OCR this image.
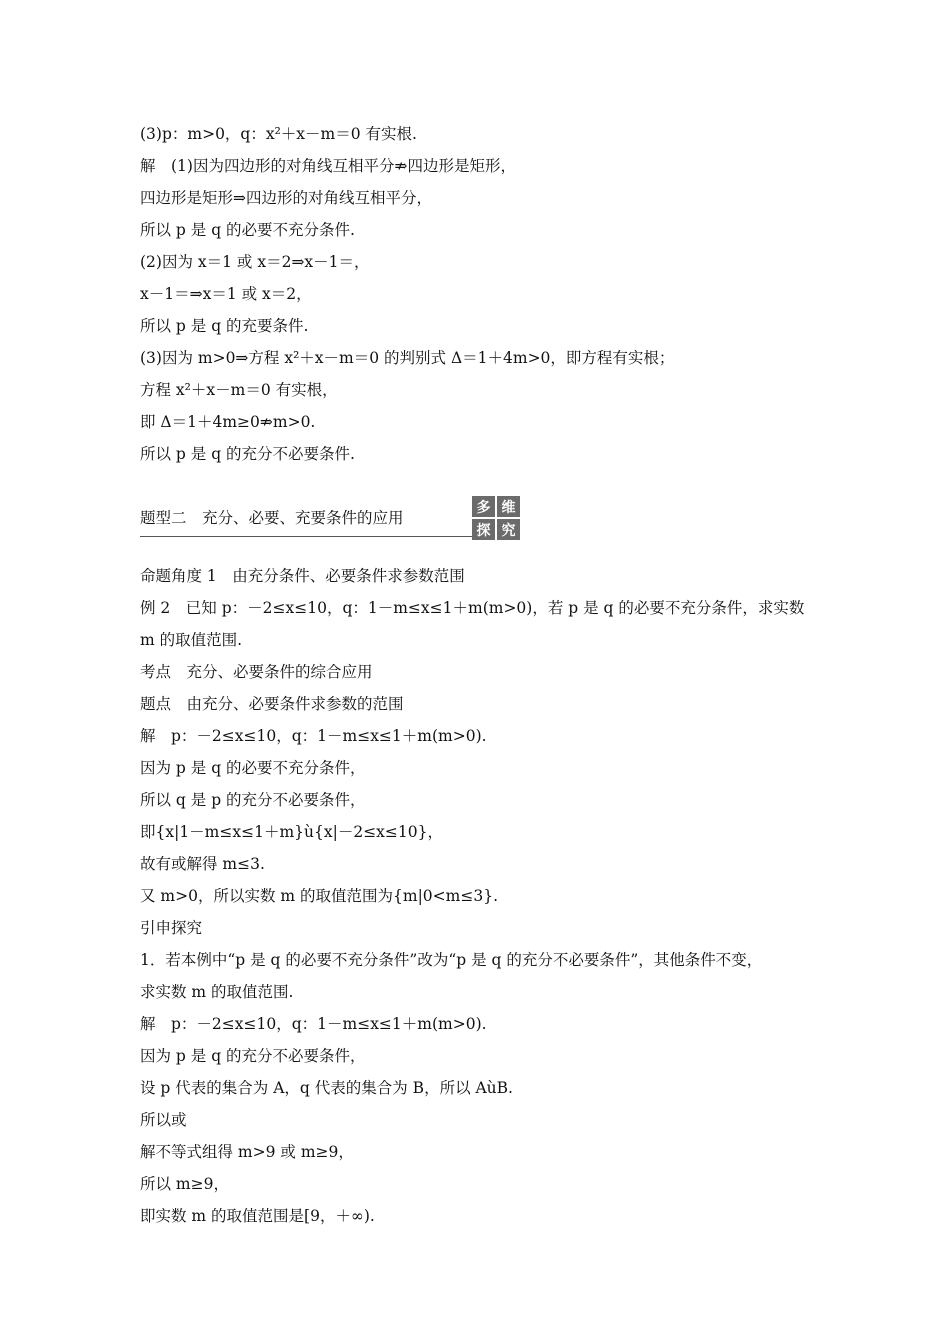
(3)p：m>0，q：x²＋x－m＝0 有实根.
解　(1)因为四边形的对角线互相平分⇏四边形是矩形，
四边形是矩形⇒四边形的对角线互相平分，
所以 p 是 q 的必要不充分条件.
(2)因为 x＝1 或 x＝2⇒x－1＝，
x－1＝⇒x＝1 或 x＝2，
所以 p 是 q 的充要条件.
(3)因为 m>0⇒方程 x²＋x－m＝0 的判别式 Δ＝1＋4m>0，即方程有实根；
方程 x²＋x－m＝0 有实根，
即 Δ＝1＋4m≥0⇏m>0.
所以 p 是 q 的充分不必要条件.
题型二　充分、必要、充要条件的应用
多 维
探 究
命题角度 1　由充分条件、必要条件求参数范围
例 2　已知 p：－2≤x≤10，q：1－m≤x≤1＋m(m>0)，若 p 是 q 的必要不充分条件，求实数
m 的取值范围.
考点　充分、必要条件的综合应用
题点　由充分、必要条件求参数的范围
解　p：－2≤x≤10，q：1－m≤x≤1＋m(m>0).
因为 p 是 q 的必要不充分条件，
所以 q 是 p 的充分不必要条件，
即{x|1－m≤x≤1＋m}ù{x|－2≤x≤10}，
故有或解得 m≤3.
又 m>0，所以实数 m 的取值范围为{m|0<m≤3}.
引申探究
1．若本例中“p 是 q 的必要不充分条件”改为“p 是 q 的充分不必要条件”，其他条件不变，
求实数 m 的取值范围.
解　p：－2≤x≤10，q：1－m≤x≤1＋m(m>0).
因为 p 是 q 的充分不必要条件，
设 p 代表的集合为 A，q 代表的集合为 B，所以 AùB.
所以或
解不等式组得 m>9 或 m≥9，
所以 m≥9，
即实数 m 的取值范围是[9，＋∞).
